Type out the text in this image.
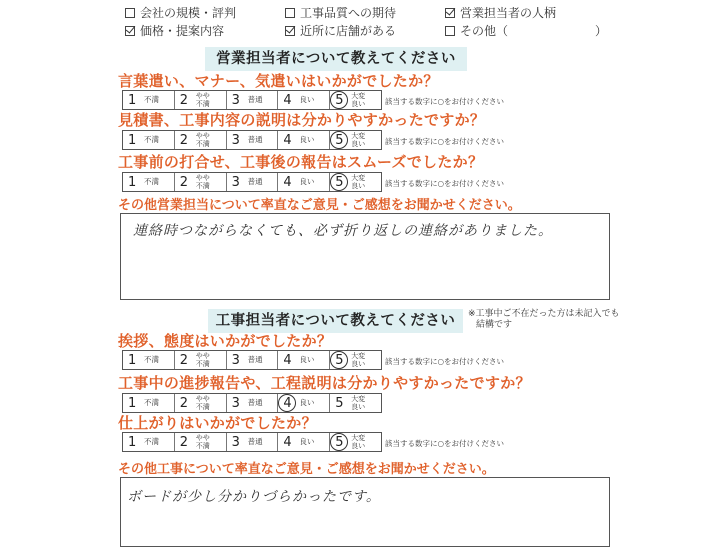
会社の規模・評判	工事品質への期待	営業担当者の人柄
価格・提案内容	近所に店舗がある	その他（	）
営業担当者について教えてください
言葉遣い、マナー、気遣いはいかがでしたか？
1	不満 2	やや
不満 3	普通 4	良い 5	大変
良い	該当する数字に○をお付けください
見積書、工事内容の説明は分かりやすかったですか？
1	不満 2	やや
不満 3	普通 4	良い 5	大変
良い	該当する数字に○をお付けください
工事前の打合せ、工事後の報告はスムーズでしたか？
1	不満 2	やや
不満 3	普通 4	良い 5	大変
良い	該当する数字に○をお付けください
その他営業担当について率直なご意見・ご感想をお聞かせください。
連絡時つながらなくても、必ず折り返しの連絡がありました。
工事担当者について教えてください	※工事中ご不在だった方は未記入でも
結構です
挨拶、態度はいかがでしたか？
1	不満 2	やや
不満 3	普通 4	良い 5	大変
良い	該当する数字に○をお付けください
工事中の進捗報告や、工程説明は分かりやすかったですか？
1	不満 2	やや
不満 3	普通 4	良い 5	大変
良い
仕上がりはいかがでしたか？
1	不満 2	やや
不満 3	普通 4	良い 5	大変
良い	該当する数字に○をお付けください
その他工事について率直なご意見・ご感想をお聞かせください。
ボードが少し分かりづらかったです。
